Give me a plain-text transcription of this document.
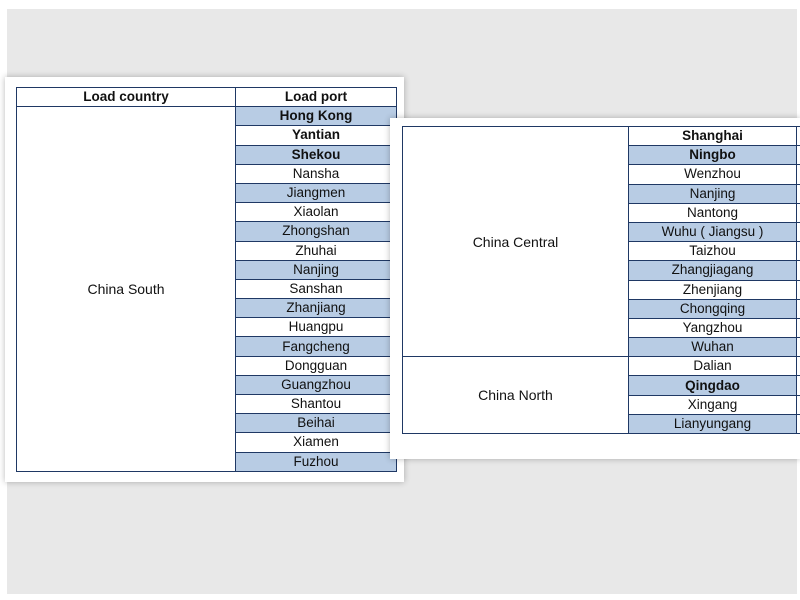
Load country	Load port
China South	Hong Kong
	Yantian
	Shekou
	Nansha
	Jiangmen
	Xiaolan
	Zhongshan
	Zhuhai
	Nanjing
	Sanshan
	Zhanjiang
	Huangpu
	Fangcheng
	Dongguan
	Guangzhou
	Shantou
	Beihai
	Xiamen
	Fuzhou
China Central	Shanghai	
	Ningbo	
	Wenzhou	
	Nanjing	
	Nantong	
	Wuhu ( Jiangsu )	
	Taizhou	
	Zhangjiagang	
	Zhenjiang	
	Chongqing	
	Yangzhou	
	Wuhan	
China North	Dalian	
	Qingdao	
	Xingang	
	Lianyungang	
